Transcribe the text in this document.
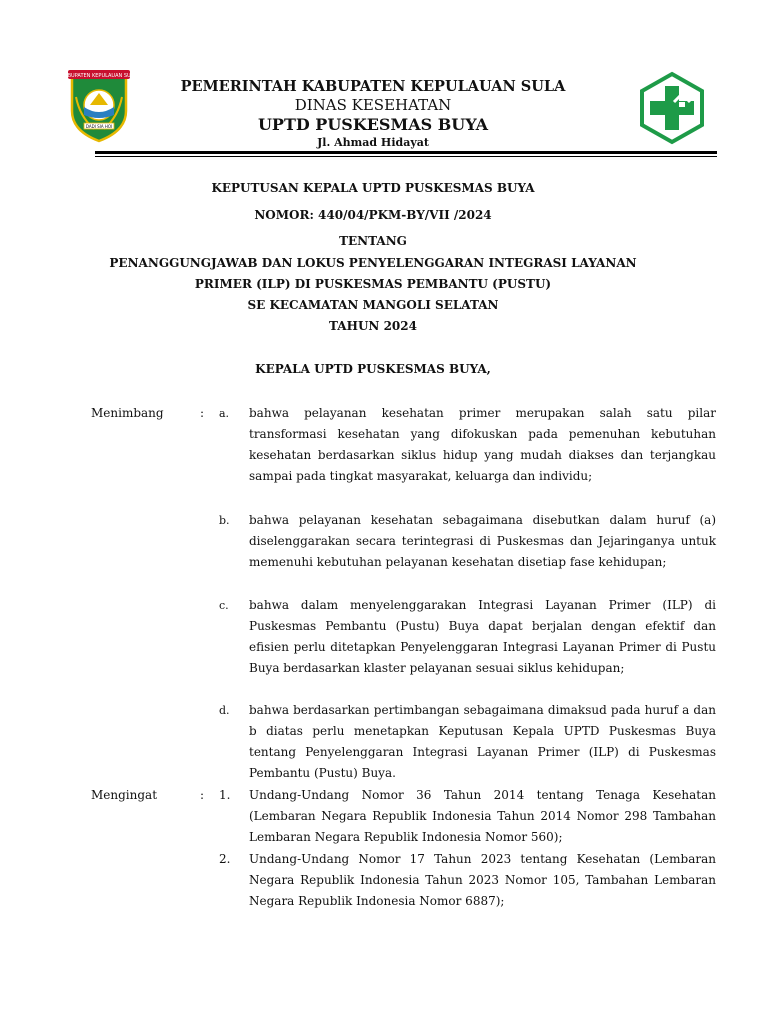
KABUPATEN KEPULAUAN SULA
DADI SIA HOI
PEMERINTAH KABUPATEN KEPULAUAN SULA
DINAS KESEHATAN
UPTD PUSKESMAS BUYA
Jl. Ahmad Hidayat
KEPUTUSAN KEPALA UPTD PUSKESMAS BUYA
NOMOR: 440/04/PKM-BY/VII /2024
TENTANG
PENANGGUNGJAWAB DAN LOKUS PENYELENGGARAN INTEGRASI LAYANAN
PRIMER (ILP) DI PUSKESMAS PEMBANTU (PUSTU)
SE KECAMATAN MANGOLI SELATAN
TAHUN 2024
KEPALA UPTD PUSKESMAS BUYA,
Menimbang	: a. bahwa pelayanan kesehatan primer merupakan salah satu pilar transformasi kesehatan yang difokuskan pada pemenuhan kebutuhan kesehatan berdasarkan siklus hidup yang mudah diakses dan terjangkau sampai pada tingkat masyarakat, keluarga dan individu;

b. bahwa pelayanan kesehatan sebagaimana disebutkan dalam huruf (a) diselenggarakan secara terintegrasi di Puskesmas dan Jejaringanya untuk memenuhi kebutuhan pelayanan kesehatan disetiap fase kehidupan;

c. bahwa dalam menyelenggarakan Integrasi Layanan Primer (ILP) di Puskesmas Pembantu (Pustu) Buya dapat berjalan dengan efektif dan efisien perlu ditetapkan Penyelenggaran Integrasi Layanan Primer di Pustu Buya berdasarkan klaster pelayanan sesuai siklus kehidupan;

d. bahwa berdasarkan pertimbangan sebagaimana dimaksud pada huruf a dan b diatas perlu menetapkan Keputusan Kepala UPTD Puskesmas Buya tentang Penyelenggaran Integrasi Layanan Primer (ILP) di Puskesmas Pembantu (Pustu) Buya.

Mengingat	: 1. Undang-Undang Nomor 36 Tahun 2014 tentang Tenaga Kesehatan (Lembaran Negara Republik Indonesia Tahun 2014 Nomor 298 Tambahan Lembaran Negara Republik Indonesia Nomor 560);

2. Undang-Undang Nomor 17 Tahun 2023 tentang Kesehatan (Lembaran Negara Republik Indonesia Tahun 2023 Nomor 105, Tambahan Lembaran Negara Republik Indonesia Nomor 6887);
